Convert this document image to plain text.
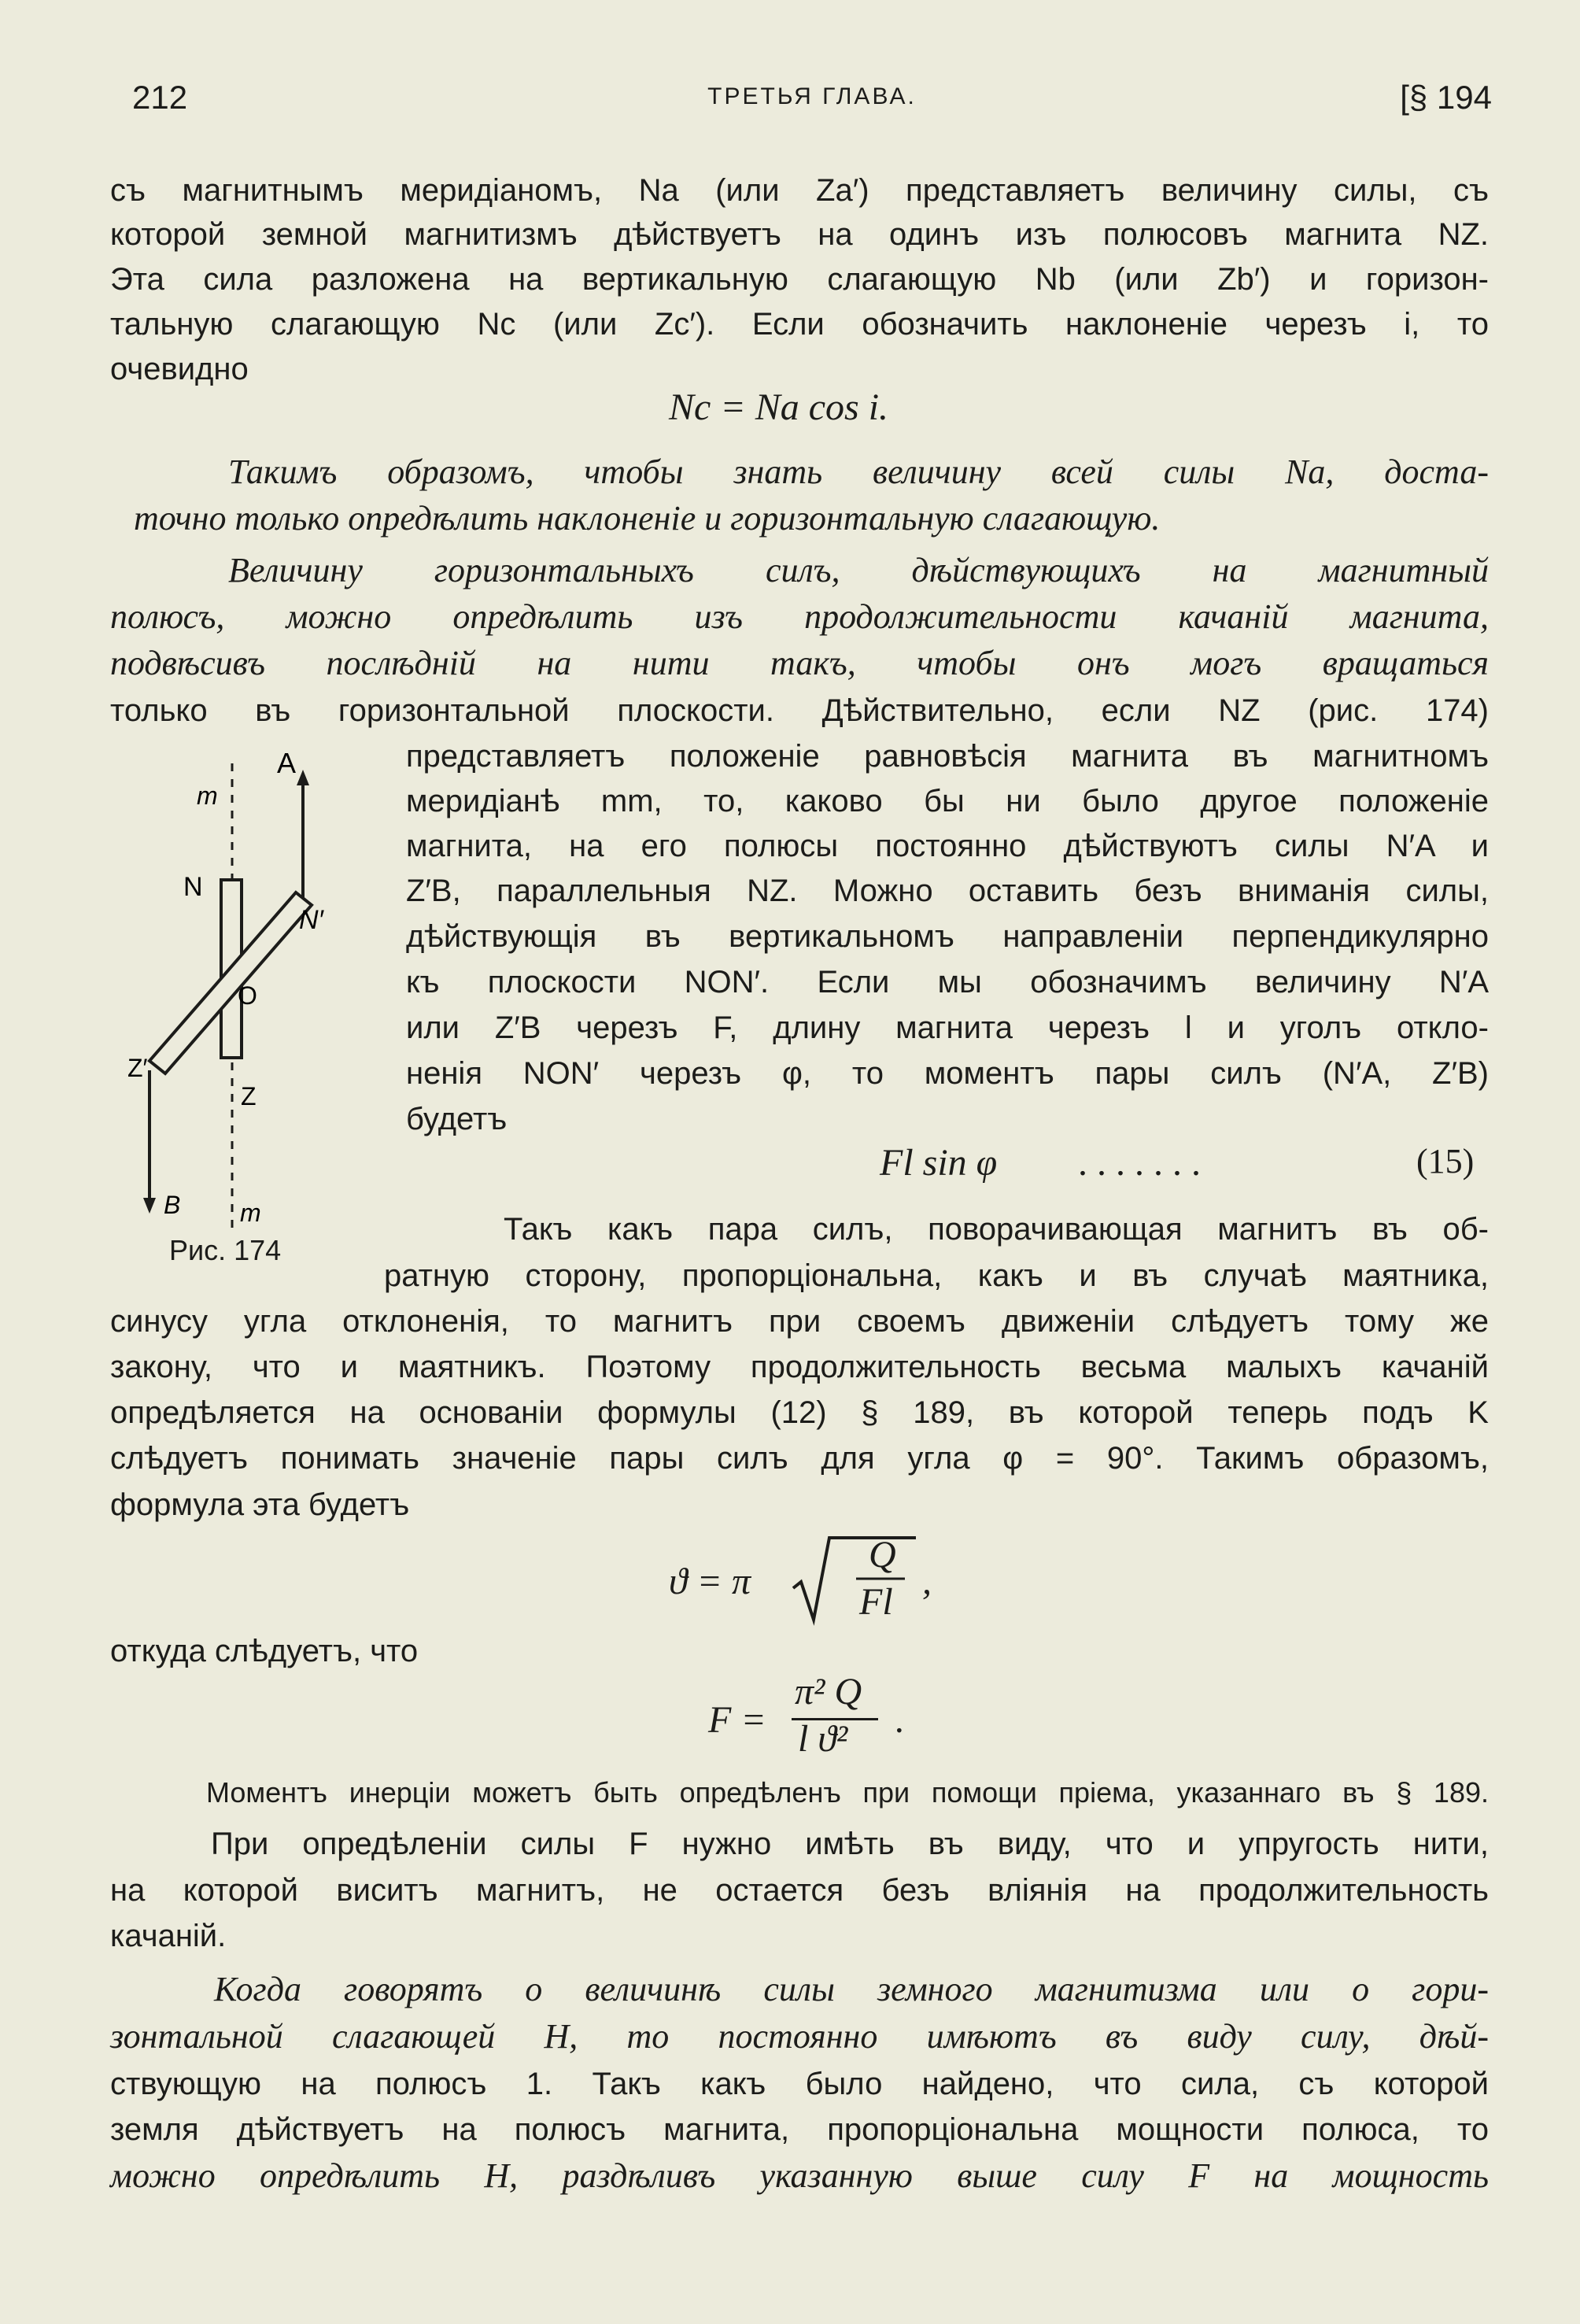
212	ТРЕТЬЯ ГЛАВА.	[§ 194
съ магнитнымъ меридіаномъ, Na (или Za′) представляетъ величину силы, съ
которой земной магнитизмъ дѣйствуетъ на одинъ изъ полюсовъ магнита NZ.
Эта сила разложена на вертикальную слагающую Nb (или Zb′) и горизон-
тальную слагающую Nc (или Zc′). Если обозначить наклоненіе черезъ i, то
очевидно
Nc = Na cos i.
Такимъ образомъ, чтобы знать величину всей силы Na, доста-
точно только опредѣлить наклоненіе и горизонтальную слагающую.
Величину горизонтальныхъ силъ, дѣйствующихъ на магнитный
полюсъ, можно опредѣлить изъ продолжительности качаній магнита,
подвѣсивъ послѣдній на нити такъ, чтобы онъ могъ вращаться
только въ горизонтальной плоскости. Дѣйствительно, если NZ (рис. 174)
A
m
N
N′
O
Z′
Z
B m
Рис. 174
представляетъ положеніе равновѣсія магнита въ магнитномъ
меридіанѣ mm, то, каково бы ни было другое положеніе
магнита, на его полюсы постоянно дѣйствуютъ силы N′A и
Z′B, параллельныя NZ. Можно оставить безъ вниманія силы,
дѣйствующія въ вертикальномъ направленіи перпендикулярно
къ плоскости NON′. Если мы обозначимъ величину N′A
или Z′B черезъ F, длину магнита черезъ l и уголъ откло-
ненія NON′ черезъ φ, то моментъ пары силъ (N′A, Z′B)
будетъ
Fl sin φ . . . . . . .	(15)
Такъ какъ пара силъ, поворачивающая магнитъ въ об-
ратную сторону, пропорціональна, какъ и въ случаѣ маятника,
синусу угла отклоненія, то магнитъ при своемъ движеніи слѣдуетъ тому же
закону, что и маятникъ. Поэтому продолжительность весьма малыхъ качаній
опредѣляется на основаніи формулы (12) § 189, въ которой теперь подъ K
слѣдуетъ понимать значеніе пары силъ для угла φ = 90°. Такимъ образомъ,
формула эта будетъ
ϑ = π
Q
Fl ,
откуда слѣдуетъ, что
F =
π² Q
l ϑ² .
Моментъ инерціи можетъ быть опредѣленъ при помощи пріема, указаннаго въ § 189.
При опредѣленіи силы F нужно имѣть въ виду, что и упругость нити,
на которой виситъ магнитъ, не остается безъ вліянія на продолжительность
качаній.
Когда говорятъ о величинѣ силы земного магнитизма или о гори-
зонтальной слагающей H, то постоянно имѣютъ въ виду силу, дѣй-
ствующую на полюсъ 1. Такъ какъ было найдено, что сила, съ которой
земля дѣйствуетъ на полюсъ магнита, пропорціональна мощности полюса, то
можно опредѣлить H, раздѣливъ указанную выше силу F на мощность
